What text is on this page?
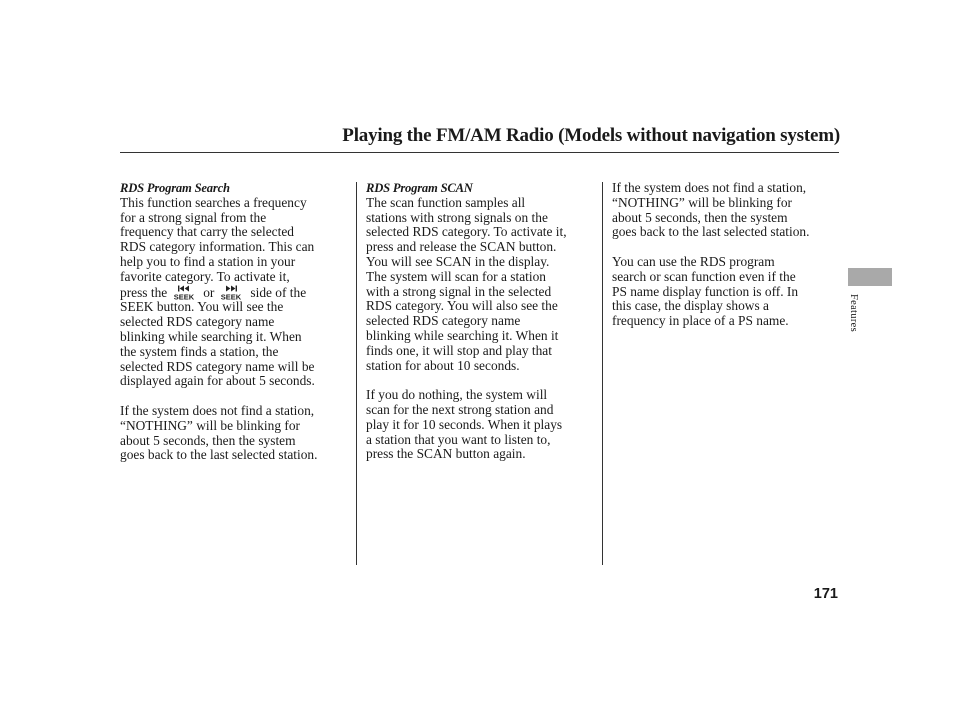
Playing the FM/AM Radio (Models without navigation system)
RDS Program Search

This function searches a frequency
for a strong signal from the
frequency that carry the selected
RDS category information. This can
help you to find a station in your
favorite category. To activate it,
press the SEEK or SEEK side of the
SEEK button. You will see the
selected RDS category name
blinking while searching it. When
the system finds a station, the
selected RDS category name will be
displayed again for about 5 seconds.

If the system does not find a station,
“NOTHING” will be blinking for
about 5 seconds, then the system
goes back to the last selected station.

RDS Program SCAN

The scan function samples all
stations with strong signals on the
selected RDS category. To activate it,
press and release the SCAN button.
You will see SCAN in the display.
The system will scan for a station
with a strong signal in the selected
RDS category. You will also see the
selected RDS category name
blinking while searching it. When it
finds one, it will stop and play that
station for about 10 seconds.

If you do nothing, the system will
scan for the next strong station and
play it for 10 seconds. When it plays
a station that you want to listen to,
press the SCAN button again.

If the system does not find a station,
“NOTHING” will be blinking for
about 5 seconds, then the system
goes back to the last selected station.

You can use the RDS program
search or scan function even if the
PS name display function is off. In
this case, the display shows a
frequency in place of a PS name.	Features
171
